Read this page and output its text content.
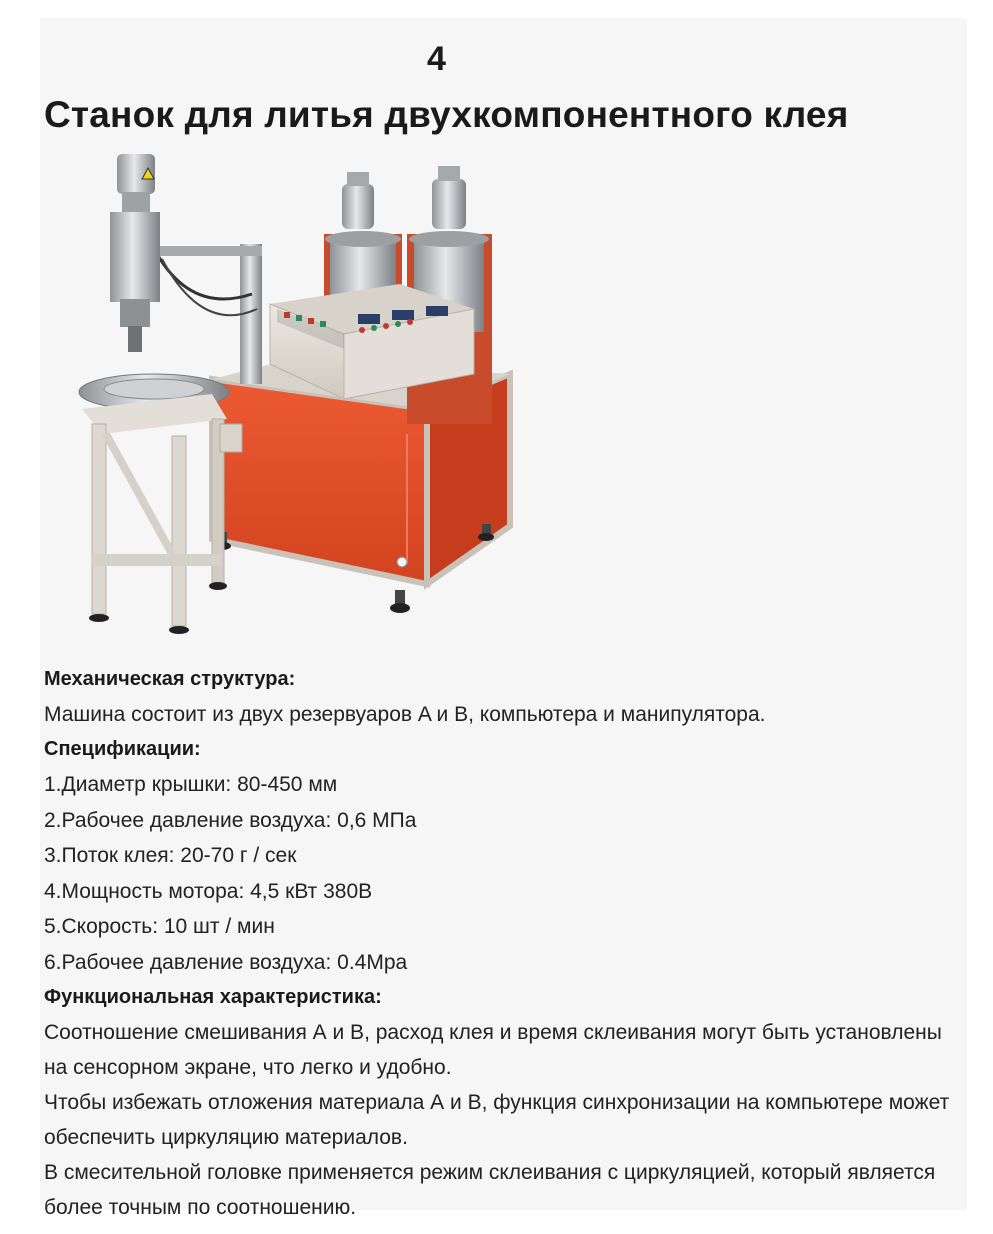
4
Станок для литья двухкомпонентного клея
Механическая структура:
Машина состоит из двух резервуаров A и B, компьютера и манипулятора.
Спецификации:
1.Диаметр крышки: 80-450 мм
2.Рабочее давление воздуха: 0,6 МПа
3.Поток клея: 20-70 г / сек
4.Мощность мотора: 4,5 кВт 380В
5.Скорость: 10 шт / мин
6.Рабочее давление воздуха: 0.4Mpa
Функциональная характеристика:
Соотношение смешивания А и В, расход клея и время склеивания могут быть установлены на сенсорном экране, что легко и удобно.
Чтобы избежать отложения материала А и В, функция синхронизации на компьютере может обеспечить циркуляцию материалов.
В смесительной головке применяется режим склеивания с циркуляцией, который является более точным по соотношению.
